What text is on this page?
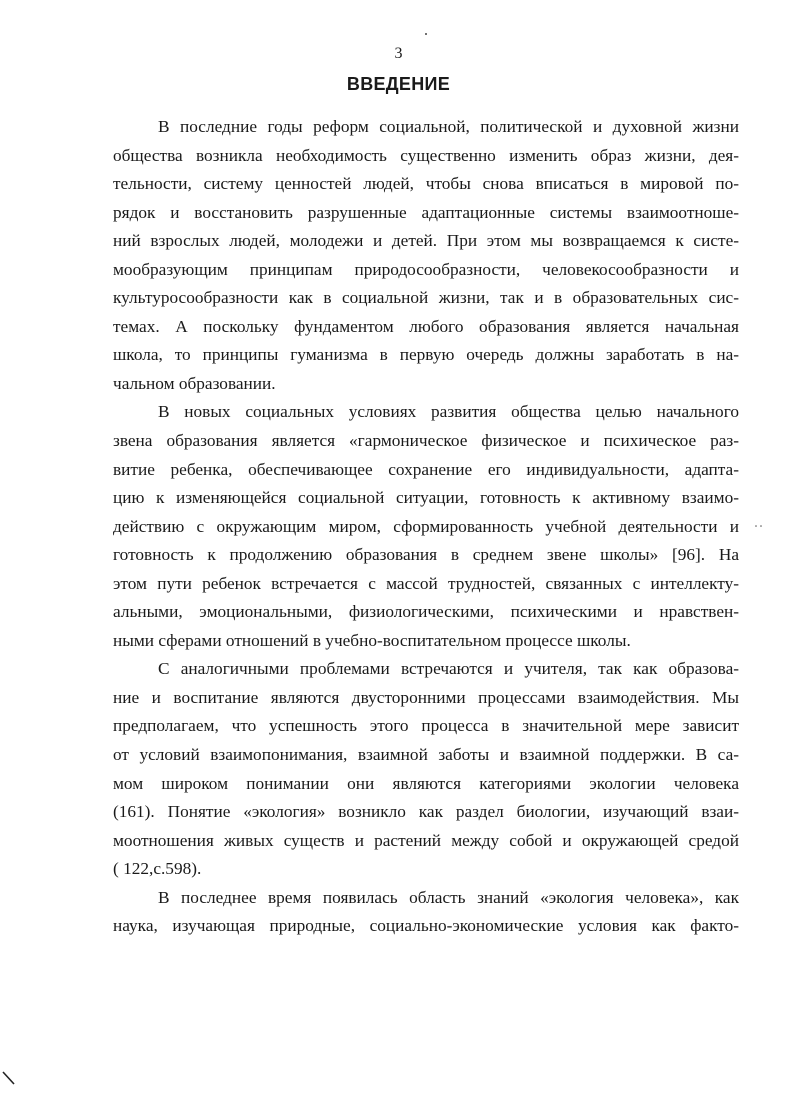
3
ВВЕДЕНИЕ
В последние годы реформ социальной, политической и духовной жизни
общества возникла необходимость существенно изменить образ жизни, дея-
тельности, систему ценностей людей, чтобы снова вписаться в мировой по-
рядок и восстановить разрушенные адаптационные системы взаимоотноше-
ний взрослых людей, молодежи и детей. При этом мы возвращаемся к систе-
мообразующим принципам природосообразности, человекосообразности и
культуросообразности как в социальной жизни, так и в образовательных сис-
темах. А поскольку фундаментом любого образования является начальная
школа, то принципы гуманизма в первую очередь должны заработать в на-
чальном образовании.
В новых социальных условиях развития общества целью начального
звена образования является «гармоническое физическое и психическое раз-
витие ребенка, обеспечивающее сохранение его индивидуальности, адапта-
цию к изменяющейся социальной ситуации, готовность к активному взаимо-
действию с окружающим миром, сформированность учебной деятельности и
готовность к продолжению образования в среднем звене школы» [96]. На
этом пути ребенок встречается с массой трудностей, связанных с интеллекту-
альными, эмоциональными, физиологическими, психическими и нравствен-
ными сферами отношений в учебно-воспитательном процессе школы.
С аналогичными проблемами встречаются и учителя, так как образова-
ние и воспитание являются двусторонними процессами взаимодействия. Мы
предполагаем, что успешность этого процесса в значительной мере зависит
от условий взаимопонимания, взаимной заботы и взаимной поддержки. В са-
мом широком понимании они являются категориями экологии человека
(161). Понятие «экология» возникло как раздел биологии, изучающий взаи-
моотношения живых существ и растений между собой и окружающей средой
( 122,с.598).
В последнее время появилась область знаний «экология человека», как
наука, изучающая природные, социально-экономические условия как факто-
